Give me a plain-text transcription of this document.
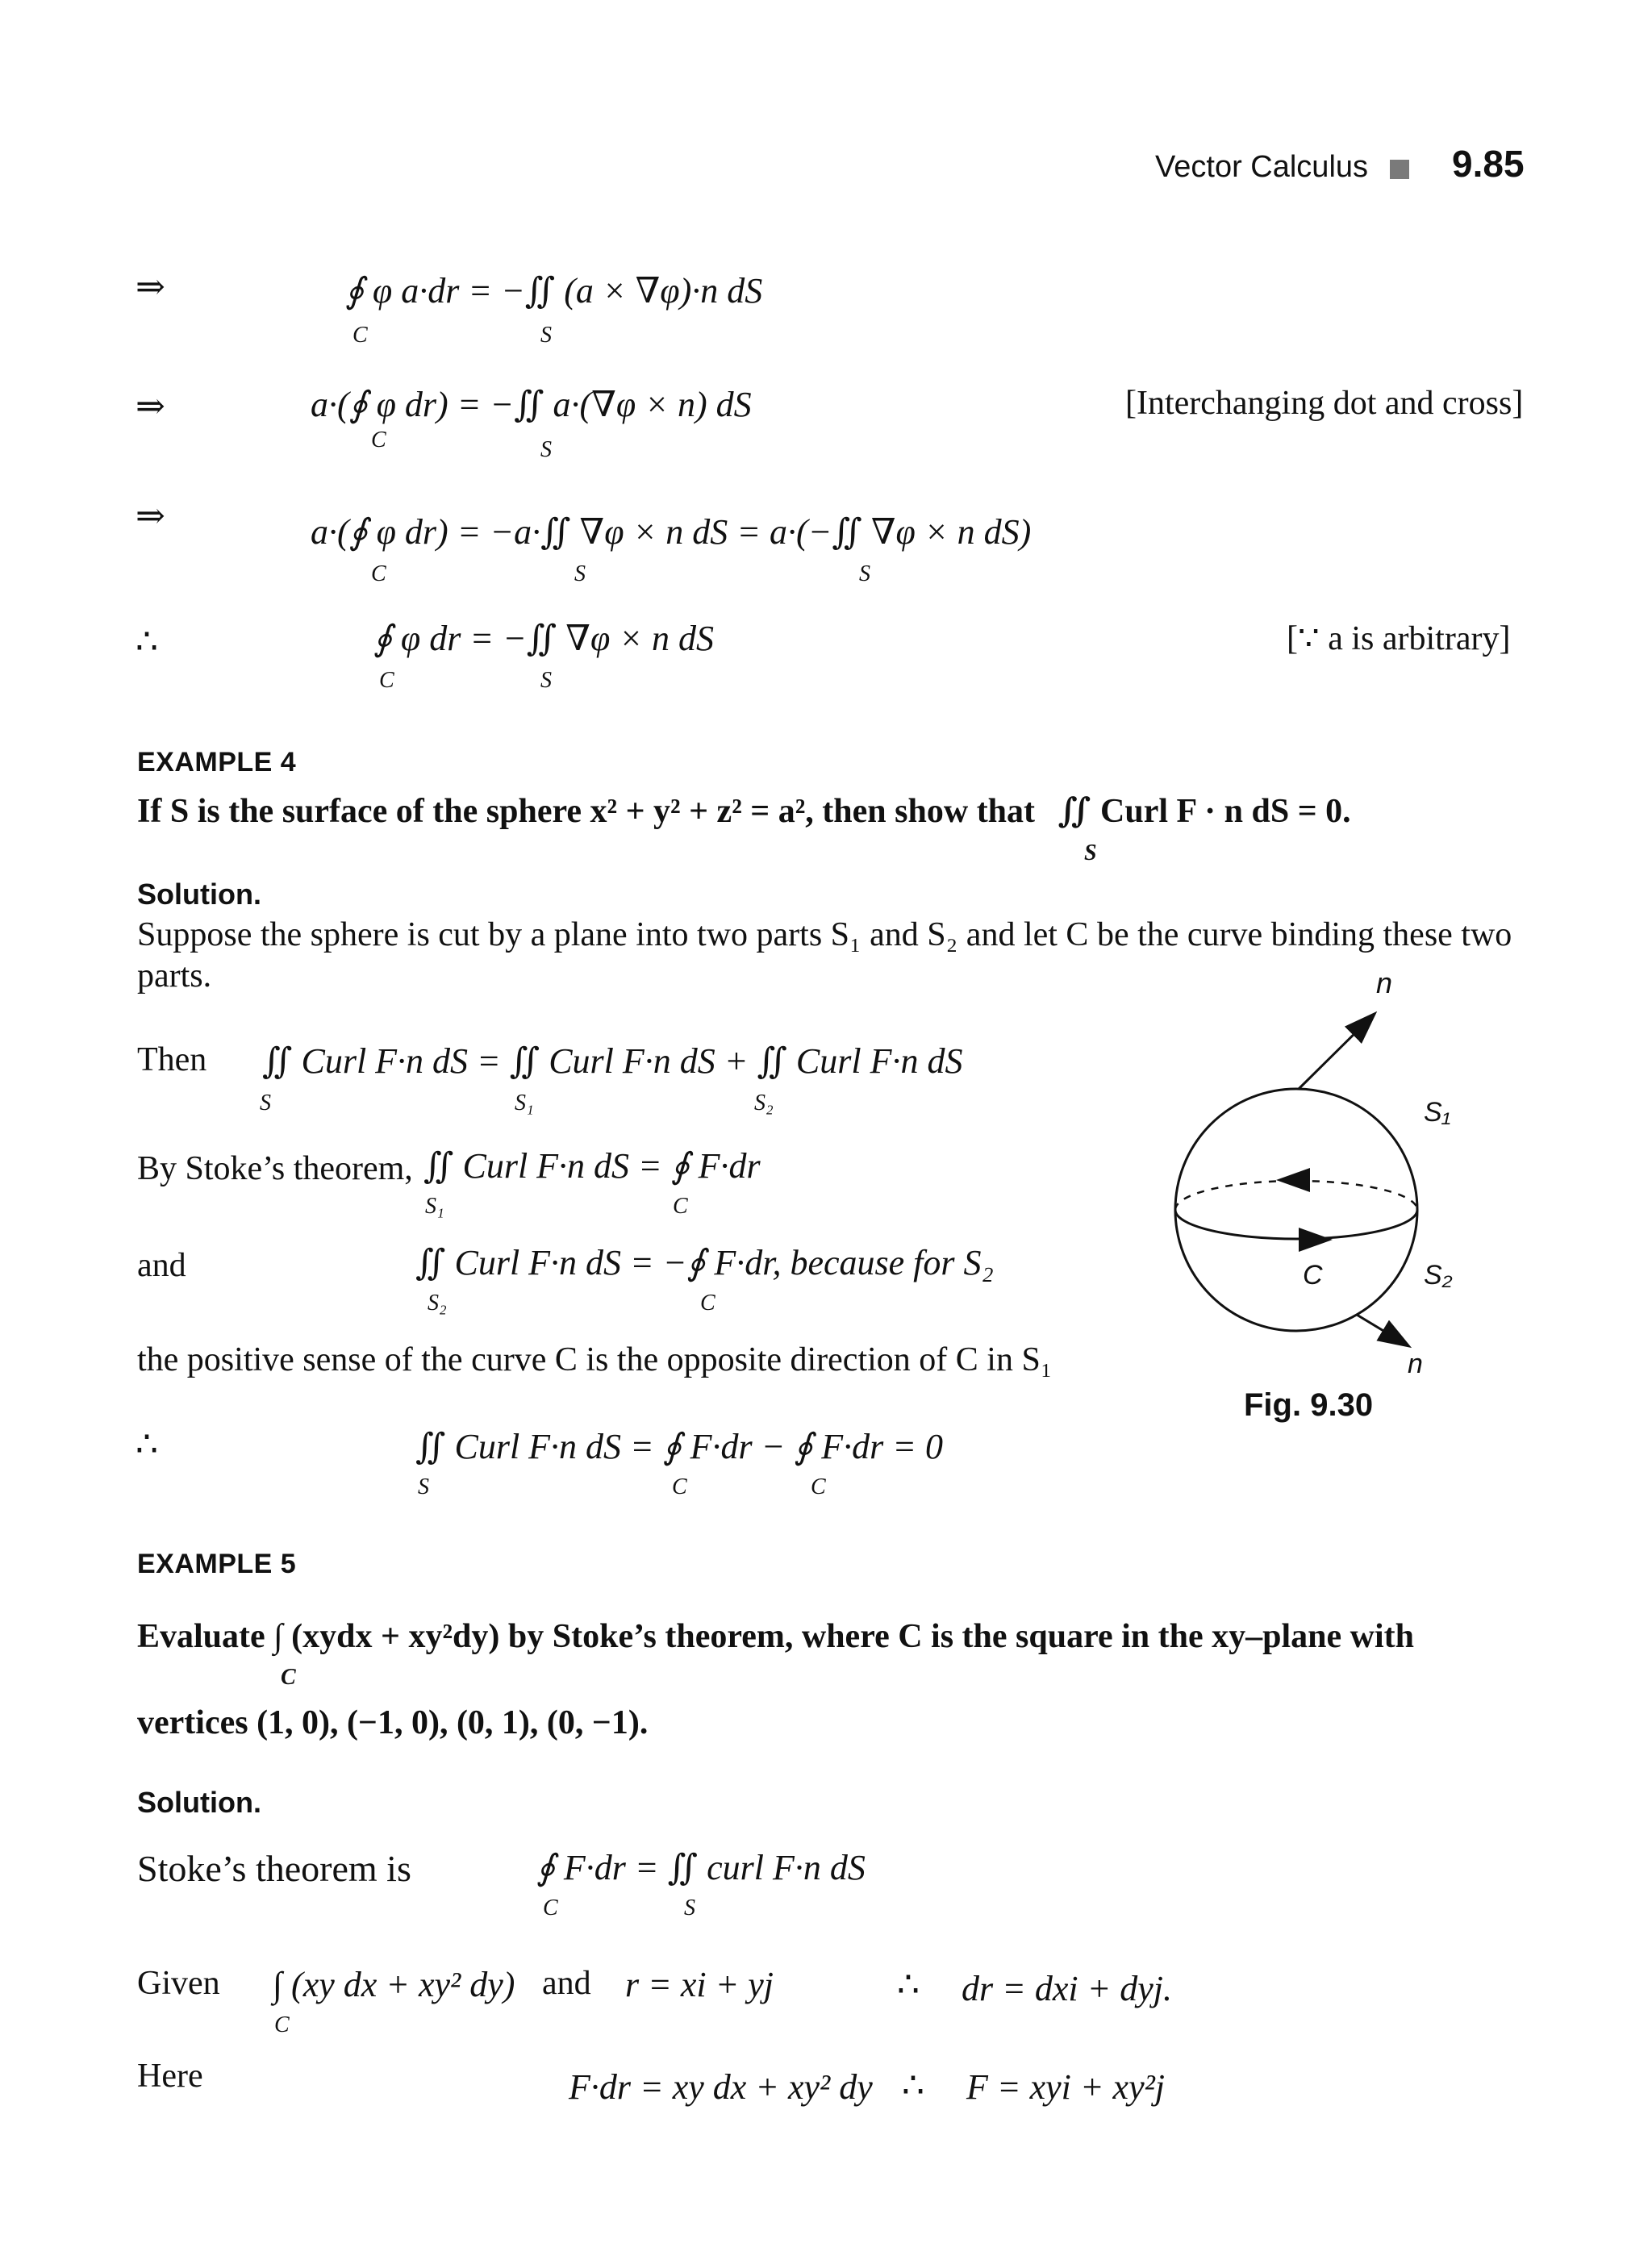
Vector Calculus 9.85
⇒	∮ φ a·dr = −∬ (a × ∇φ)·n dS
C	S
⇒	a·(∮ φ dr) = −∬ a·(∇φ × n) dS
C	S
[Interchanging dot and cross]
⇒	a·(∮ φ dr) = −a·∬ ∇φ × n dS = a·(−∬ ∇φ × n dS)
C	S	S
∴	∮ φ dr = −∬ ∇φ × n dS
C	S
[∵ a is arbitrary]
EXAMPLE 4
If S is the surface of the sphere x² + y² + z² = a², then show that ∬ Curl F · n dS = 0.
S
Solution.
Suppose the sphere is cut by a plane into two parts S₁ and S₂ and let C be the curve binding these two
parts.
Then ∬ Curl F·n dS = ∬ Curl F·n dS + ∬ Curl F·n dS
S	S₁	S₂
By Stoke’s theorem, ∬ Curl F·n dS = ∮ F·dr
S₁	C
and	∬ Curl F·n dS = −∮ F·dr, because for S₂
S₂	C
the positive sense of the curve C is the opposite direction of C in S₁
∴	∬ Curl F·n dS = ∮ F·dr − ∮ F·dr = 0
S	C	C
n
S₁
S₂
C
n
Fig. 9.30
EXAMPLE 5
Evaluate ∫ (xydx + xy²dy) by Stoke’s theorem, where C is the square in the xy–plane with
C
vertices (1, 0), (−1, 0), (0, 1), (0, −1).
Solution.
Stoke’s theorem is	∮ F·dr = ∬ curl F·n dS
C	S
Given ∫ (xy dx + xy² dy)
C
and r = xi + yj	∴ dr = dxi + dyj.
Here	F·dr = xy dx + xy² dy ∴ F = xyi + xy²j
